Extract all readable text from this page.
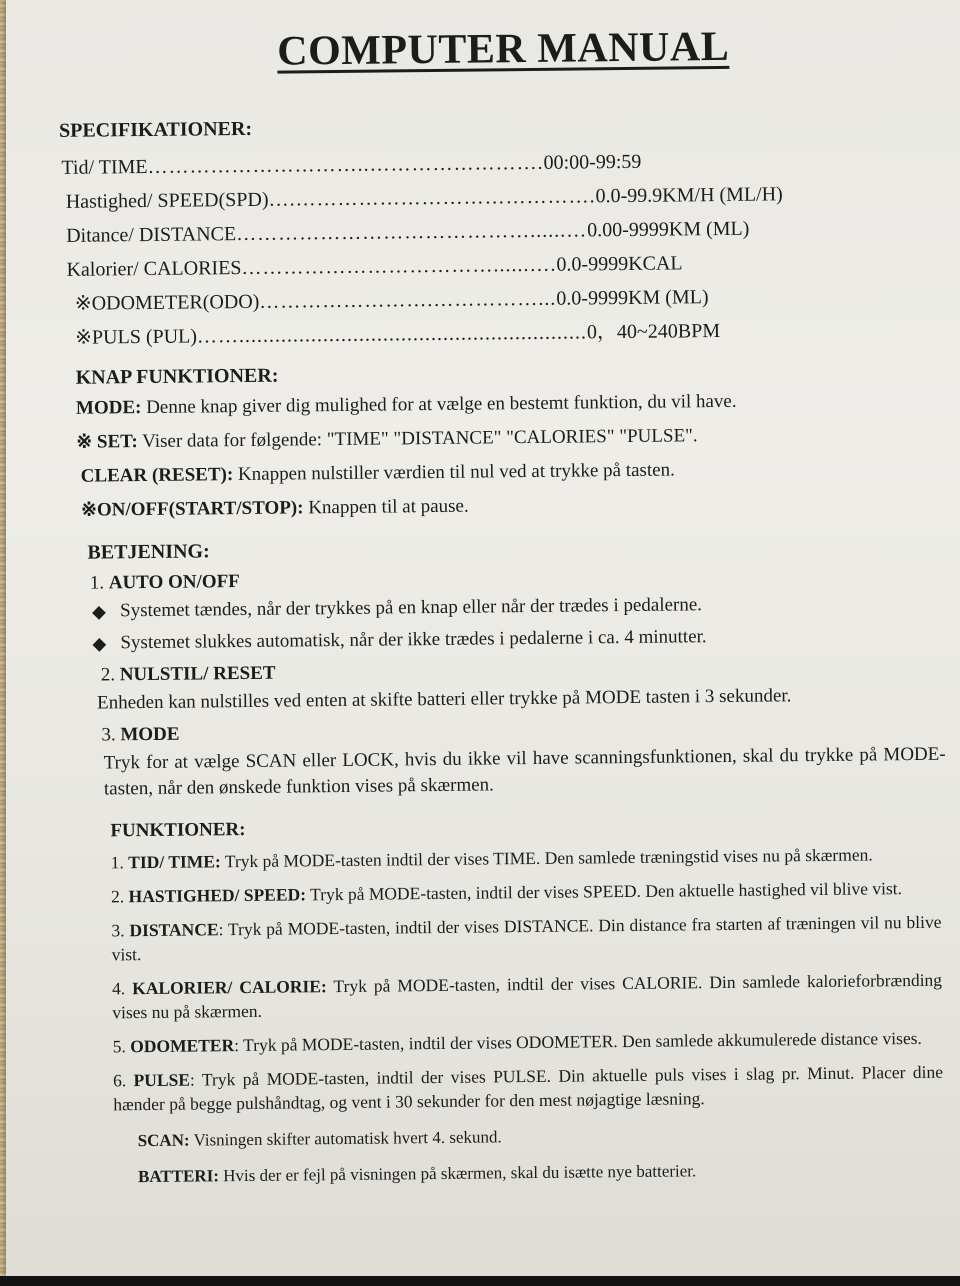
COMPUTER MANUAL
SPECIFIKATIONER:
Tid/ TIME …………………………..……………………. 00:00-99:59
Hastighed/ SPEED(SPD) ….……………………………………. 0.0-99.9KM/H (ML/H)
Ditance/ DISTANCE ……………………………………......… 0.00-9999KM (ML)
Kalorier/ CALORIES ………………………………......…. 0.0-9999KCAL
※ODOMETER(ODO) …………………….……………... 0.0-9999KM (ML)
※PULS (PUL) …….......................................................... 0，40~240BPM
KNAP FUNKTIONER:
MODE: Denne knap giver dig mulighed for at vælge en bestemt funktion, du vil have.
※ SET: Viser data for følgende: "TIME" "DISTANCE" "CALORIES" "PULSE".
CLEAR (RESET): Knappen nulstiller værdien til nul ved at trykke på tasten.
※ON/OFF(START/STOP): Knappen til at pause.
BETJENING:
1. AUTO ON/OFF
◆ Systemet tændes, når der trykkes på en knap eller når der trædes i pedalerne.
◆ Systemet slukkes automatisk, når der ikke trædes i pedalerne i ca. 4 minutter.
2. NULSTIL/ RESET
Enheden kan nulstilles ved enten at skifte batteri eller trykke på MODE tasten i 3 sekunder.
3. MODE
Tryk for at vælge SCAN eller LOCK, hvis du ikke vil have scanningsfunktionen, skal du trykke på MODE-tasten, når den ønskede funktion vises på skærmen.
FUNKTIONER:
1. TID/ TIME: Tryk på MODE-tasten indtil der vises TIME. Den samlede træningstid vises nu på skærmen.
2. HASTIGHED/ SPEED: Tryk på MODE-tasten, indtil der vises SPEED. Den aktuelle hastighed vil blive vist.
3. DISTANCE: Tryk på MODE-tasten, indtil der vises DISTANCE. Din distance fra starten af træningen vil nu blive vist.
4. KALORIER/ CALORIE: Tryk på MODE-tasten, indtil der vises CALORIE. Din samlede kalorieforbrænding vises nu på skærmen.
5. ODOMETER: Tryk på MODE-tasten, indtil der vises ODOMETER. Den samlede akkumulerede distance vises.
6. PULSE: Tryk på MODE-tasten, indtil der vises PULSE. Din aktuelle puls vises i slag pr. Minut. Placer dine hænder på begge pulshåndtag, og vent i 30 sekunder for den mest nøjagtige læsning.
SCAN: Visningen skifter automatisk hvert 4. sekund.
BATTERI: Hvis der er fejl på visningen på skærmen, skal du isætte nye batterier.
